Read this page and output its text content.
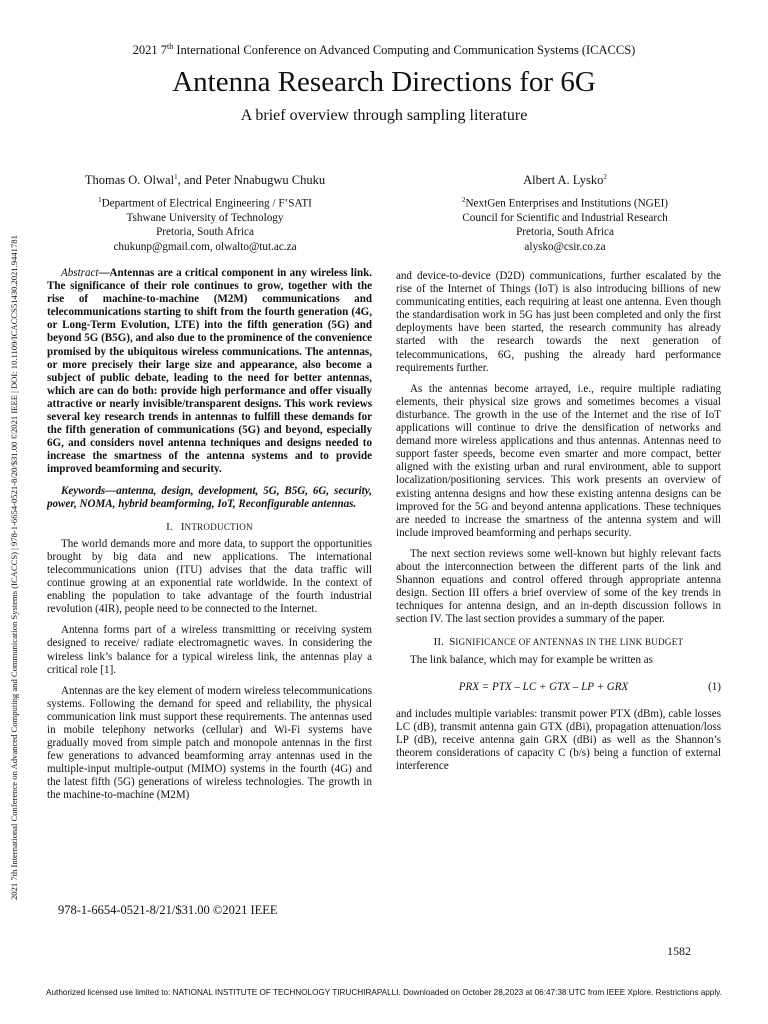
2021 7th International Conference on Advanced Computing and Communication Systems (ICACCS) | 978-1-6654-0521-8/20/$31.00 ©2021 IEEE | DOI: 10.1109/ICACCS51430.2021.9441781
2021 7th International Conference on Advanced Computing and Communication Systems (ICACCS)
Antenna Research Directions for 6G
A brief overview through sampling literature
Thomas O. Olwal$^1$, and Peter Nnabugwu Chuku
$^1$Department of Electrical Engineering / F’SATI
Tshwane University of Technology
Pretoria, South Africa
chukunp@gmail.com, olwalto@tut.ac.za
Albert A. Lysko$^2$
$^2$NextGen Enterprises and Institutions (NGEI)
Council for Scientific and Industrial Research
Pretoria, South Africa
alysko@csir.co.za

Abstract—Antennas are a critical component in any wireless link. The significance of their role continues to grow, together with the rise of machine-to-machine (M2M) communications and telecommunications starting to shift from the fourth generation (4G, or Long-Term Evolution, LTE) into the fifth generation (5G) and beyond 5G (B5G), and also due to the prominence of the convenience promised by the ubiquitous wireless communications. The antennas, or more precisely their large size and appearance, also become a subject of public debate, leading to the need for better antennas, which are can do both: provide high performance and offer visually attractive or nearly invisible/transparent designs. This work reviews several key research trends in antennas to fulfill these demands for the fifth generation of communications (5G) and beyond, especially 6G, and considers novel antenna techniques and designs needed to increase the smartness of the antenna systems and to provide improved beamforming and security.

Keywords—antenna, design, development, 5G, B5G, 6G, security, power, NOMA, hybrid beamforming, IoT, Reconfigurable antennas.

I. INTRODUCTION

The world demands more and more data, to support the opportunities brought by big data and new applications. The international telecommunications union (ITU) advises that the data traffic will continue growing at an exponential rate worldwide. In the context of enabling the population to take advantage of the fourth industrial revolution (4IR), people need to be connected to the Internet.

Antenna forms part of a wireless transmitting or receiving system designed to receive/ radiate electromagnetic waves. In considering the wireless link’s balance for a typical wireless link, the antennas play a critical role [1].

Antennas are the key element of modern wireless telecommunications systems. Following the demand for speed and reliability, the physical communication link must support these requirements. The antennas used in mobile telephony networks (cellular) and Wi-Fi systems have gradually moved from simple patch and monopole antennas in the first few generations to advanced beamforming array antennas used in the multiple-input multiple-output (MIMO) systems in the fourth (4G) and the latest fifth (5G) generations of wireless technologies. The growth in the machine-to-machine (M2M)

and device-to-device (D2D) communications, further escalated by the rise of the Internet of Things (IoT) is also introducing billions of new communicating entities, each requiring at least one antenna. Even though the standardisation work in 5G has just been completed and only the first deployments have been started, the research community has already started with the research towards the next generation of telecommunications, 6G, pushing the already hard performance requirements further.

As the antennas become arrayed, i.e., require multiple radiating elements, their physical size grows and sometimes becomes a visual disturbance. The growth in the use of the Internet and the rise of IoT applications will continue to drive the densification of networks and demand more wireless applications and thus antennas. Antennas need to support faster speeds, become even smarter and more compact, better aligned with the existing urban and rural environment, able to support localization/positioning services. This work presents an overview of existing antenna designs and how these existing antenna designs can be improved for the 5G and beyond antenna applications. These techniques are needed to increase the smartness of the antenna system and will include improved beamforming and perhaps security.

The next section reviews some well-known but highly relevant facts about the interconnection between the different parts of the link and Shannon equations and control offered through appropriate antenna design. Section III offers a brief overview of some of the key trends in techniques for antenna design, and an in-depth discussion follows in section IV. The last section provides a summary of the paper.

II. SIGNIFICANCE OF ANTENNAS IN THE LINK BUDGET

The link balance, which may for example be written as

PRX = PTX – LC + GTX – LP + GRX	(1)

and includes multiple variables: transmit power PTX (dBm), cable losses LC (dB), transmit antenna gain GTX (dBi), propagation attenuation/loss LP (dB), receive antenna gain GRX (dBi) as well as the Shannon’s theorem considerations of capacity C (b/s) being a function of external interference

978-1-6654-0521-8/21/$31.00 ©2021 IEEE
1582
Authorized licensed use limited to: NATIONAL INSTITUTE OF TECHNOLOGY TIRUCHIRAPALLI. Downloaded on October 28,2023 at 06:47:38 UTC from IEEE Xplore. Restrictions apply.
